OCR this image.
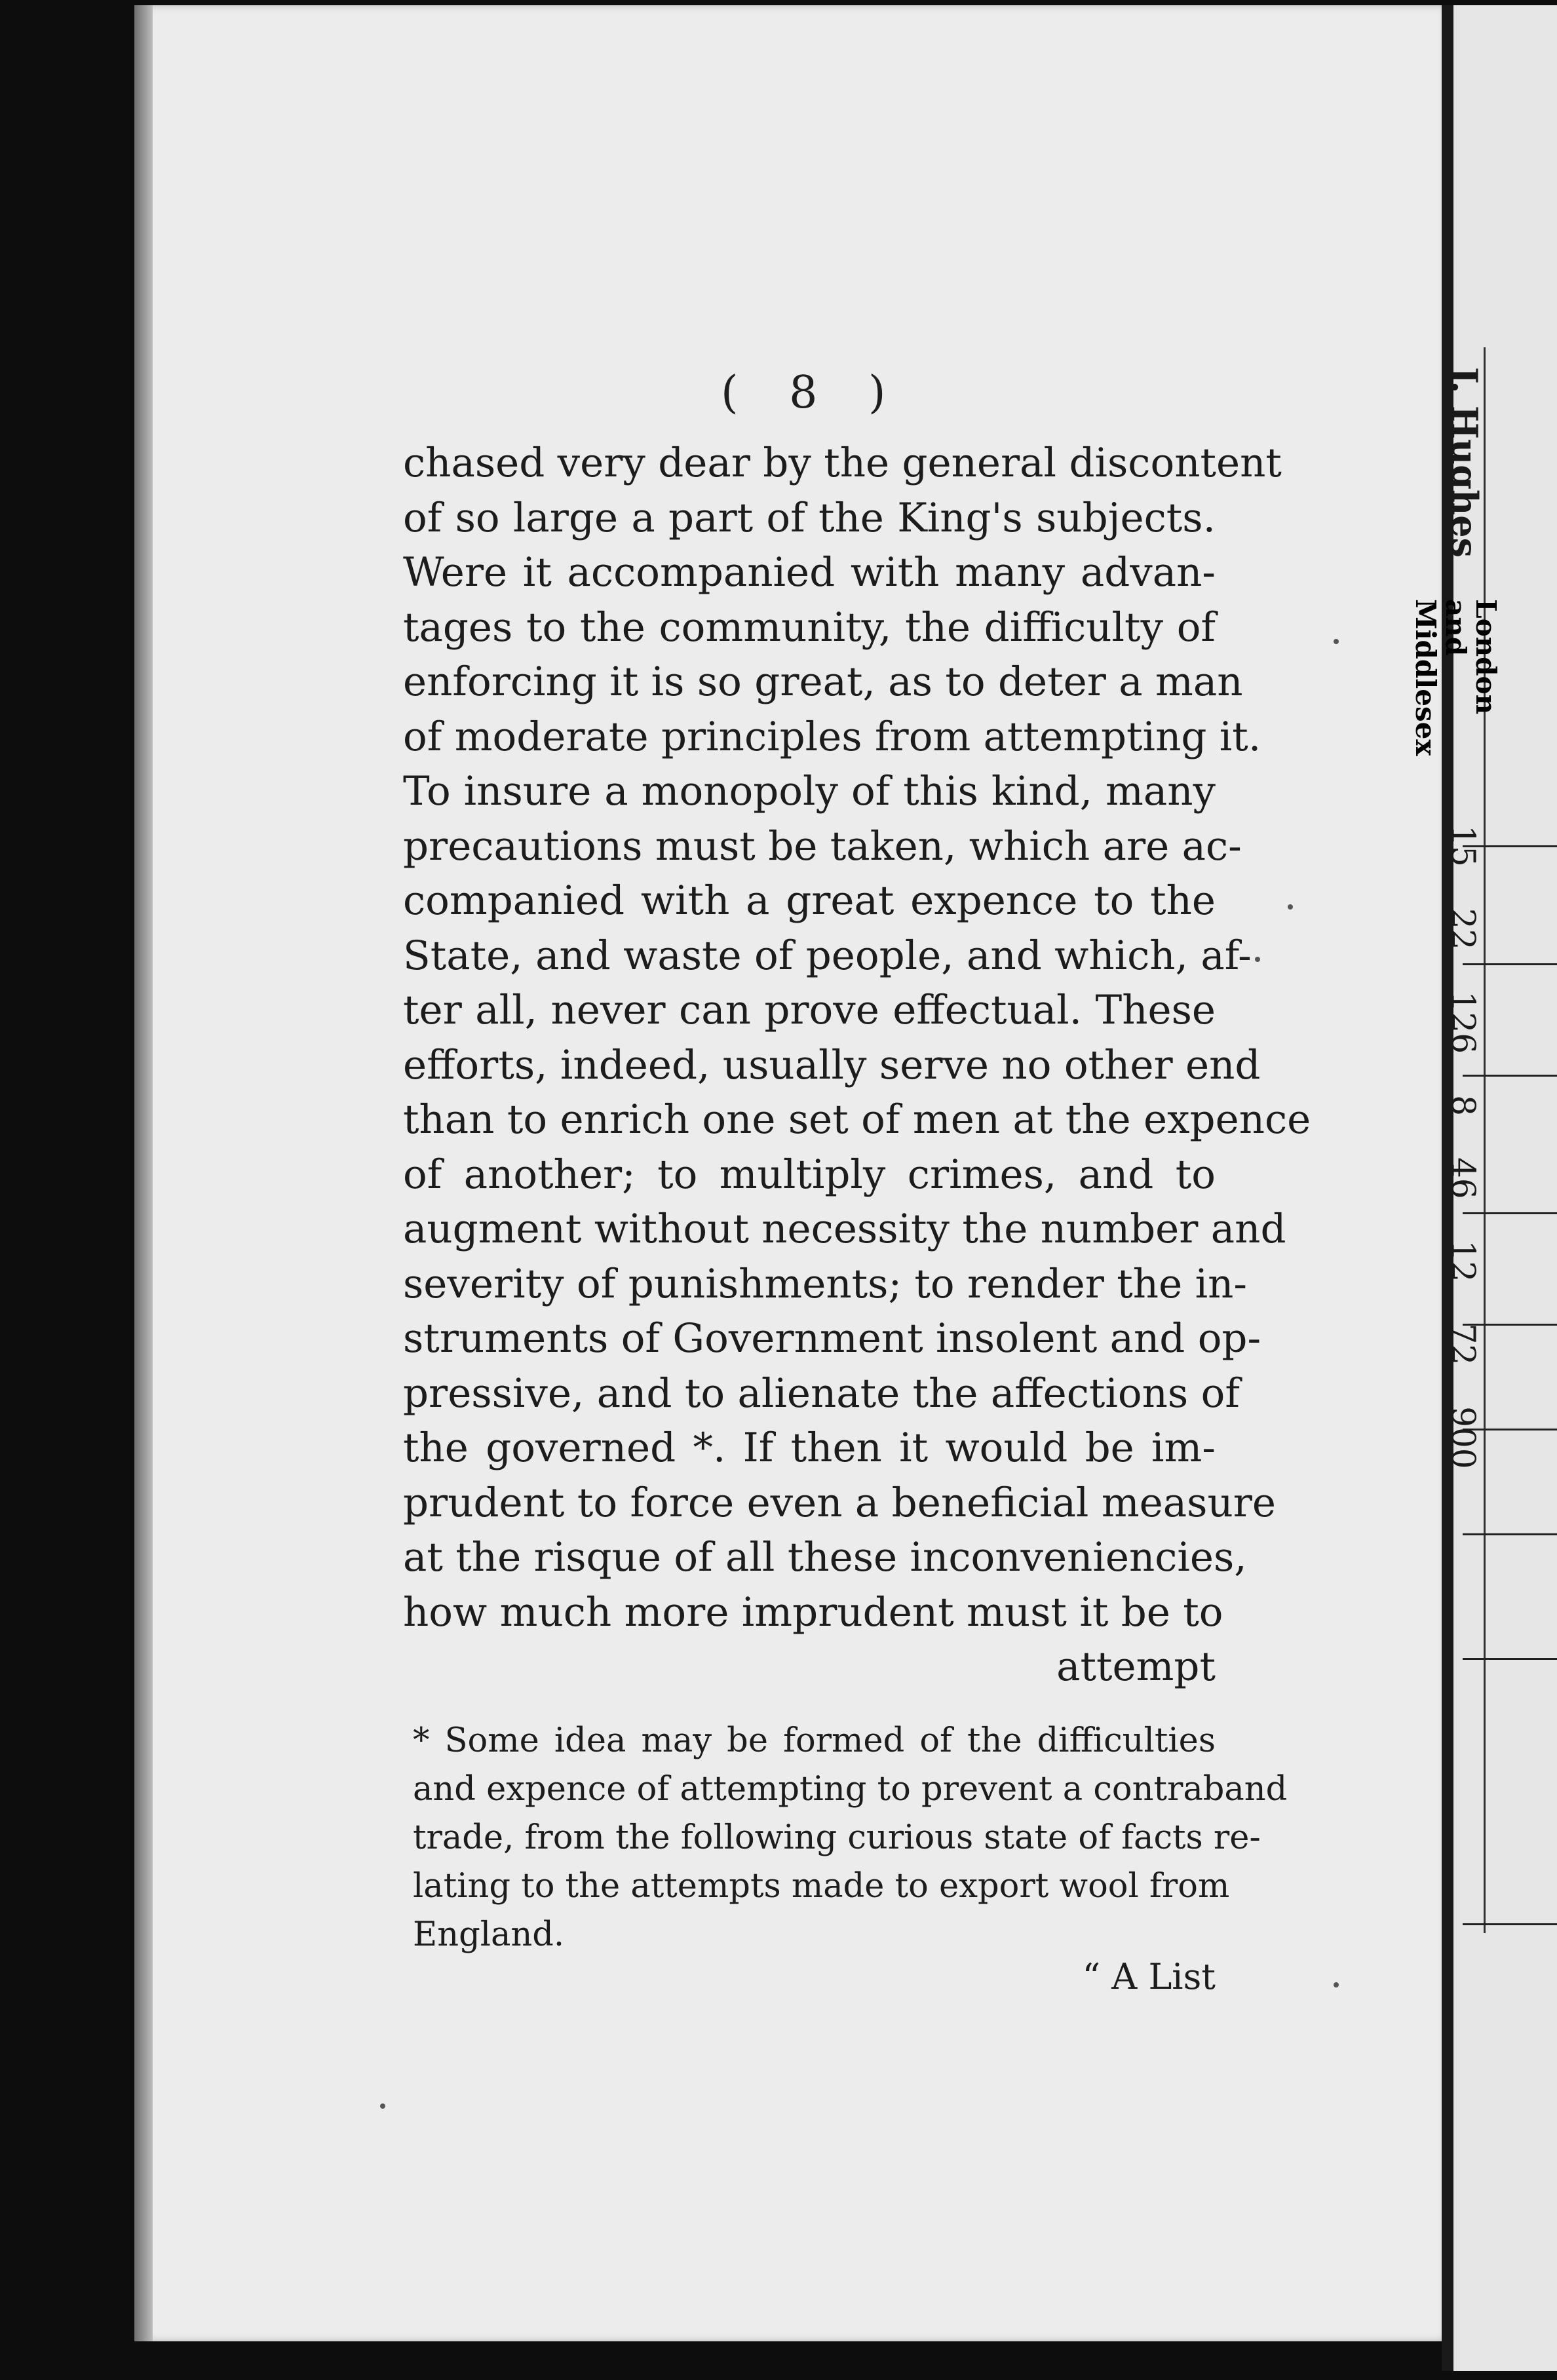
( 8 )
chased very dear by the general discontent
of so large a part of the King's subjects.
Were it accompanied with many advan-
tages to the community, the difficulty of
enforcing it is so great, as to deter a man
of moderate principles from attempting it.
To insure a monopoly of this kind, many
precautions must be taken, which are ac-
companied with a great expence to the
State, and waste of people, and which, af-
ter all, never can prove effectual. These
efforts, indeed, usually serve no other end
than to enrich one set of men at the expence
of another; to multiply crimes, and to
augment without necessity the number and
severity of punishments; to render the in-
struments of Government insolent and op-
pressive, and to alienate the affections of
the governed *. If then it would be im-
prudent to force even a beneficial measure
at the risque of all these inconveniencies,
how much more imprudent must it be to
attempt
* Some idea may be formed of the difficulties
and expence of attempting to prevent a contraband
trade, from the following curious state of facts re-
lating to the attempts made to export wool from
England.
“ A List
J. Hughes London and Middlesex 15 22 126 8 46 12 72 900
